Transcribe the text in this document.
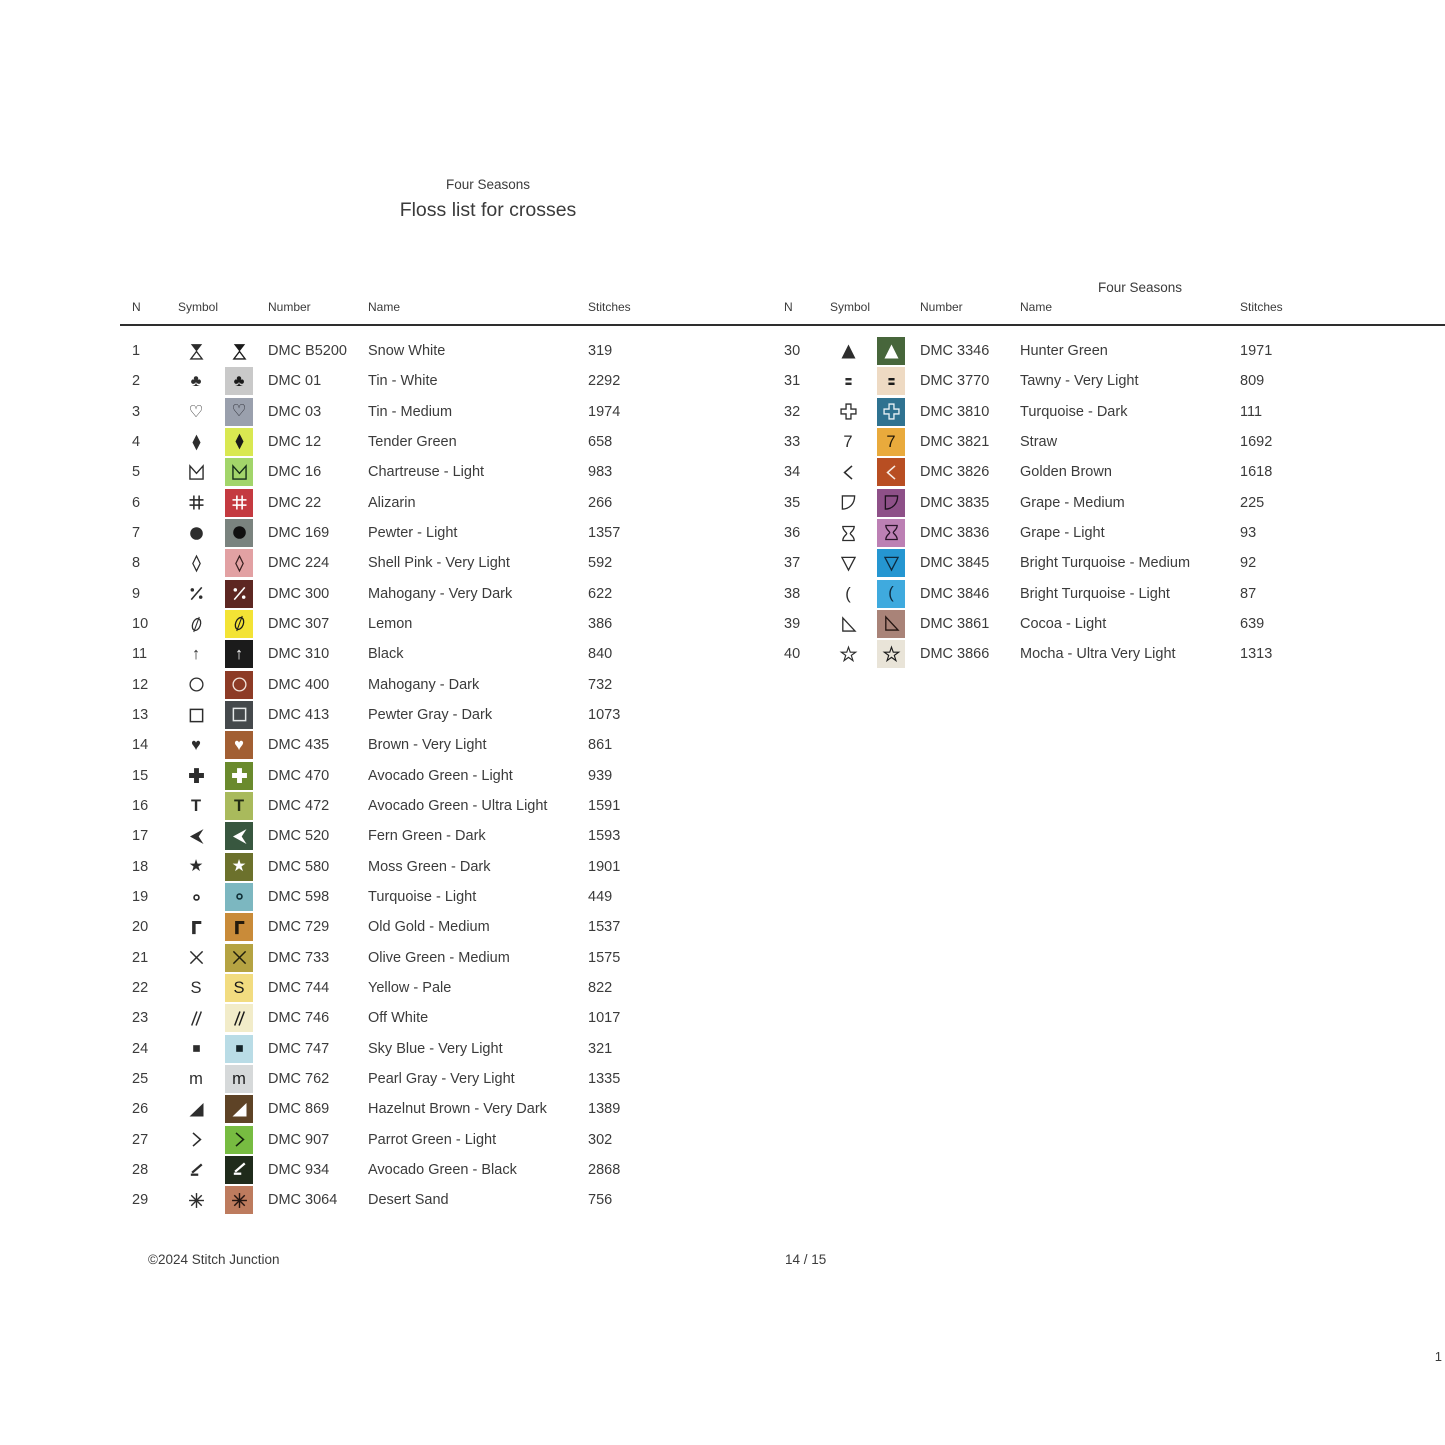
Four Seasons
Floss list for crosses
Four Seasons
N	Symbol	Number	Name	Stitches
1	DMC B5200	Snow White	319
2	♣ ♣ DMC 01	Tin - White	2292
3	♡ ♡ DMC 03	Tin - Medium	1974
4	DMC 12	Tender Green	658
5	DMC 16	Chartreuse - Light	983
6	DMC 22	Alizarin	266
7	DMC 169	Pewter - Light	1357
8	DMC 224	Shell Pink - Very Light	592
9	DMC 300	Mahogany - Very Dark	622
10	DMC 307	Lemon	386
11	↑ ↑ DMC 310	Black	840
12	DMC 400	Mahogany - Dark	732
13	DMC 413	Pewter Gray - Dark	1073
14	♥ ♥ DMC 435	Brown - Very Light	861
15	DMC 470	Avocado Green - Light	939
16	T T DMC 472	Avocado Green - Ultra Light	1591
17	DMC 520	Fern Green - Dark	1593
18	★ ★ DMC 580	Moss Green - Dark	1901
19	DMC 598	Turquoise - Light	449
20	DMC 729	Old Gold - Medium	1537
21	DMC 733	Olive Green - Medium	1575
22	S S DMC 744	Yellow - Pale	822
23	DMC 746	Off White	1017
24	DMC 747	Sky Blue - Very Light	321
25	m m DMC 762	Pearl Gray - Very Light	1335
26	DMC 869	Hazelnut Brown - Very Dark	1389
27	DMC 907	Parrot Green - Light	302
28	DMC 934	Avocado Green - Black	2868
29	DMC 3064	Desert Sand	756
N	Symbol	Number	Name	Stitches
30	DMC 3346	Hunter Green	1971
31	DMC 3770	Tawny - Very Light	809
32	DMC 3810	Turquoise - Dark	111
33	7 7 DMC 3821	Straw	1692
34	DMC 3826	Golden Brown	1618
35	DMC 3835	Grape - Medium	225
36	DMC 3836	Grape - Light	93
37	DMC 3845	Bright Turquoise - Medium	92
38	( ( DMC 3846	Bright Turquoise - Light	87
39	DMC 3861	Cocoa - Light	639
40	DMC 3866	Mocha - Ultra Very Light	1313
©2024 Stitch Junction	14 / 15
1
